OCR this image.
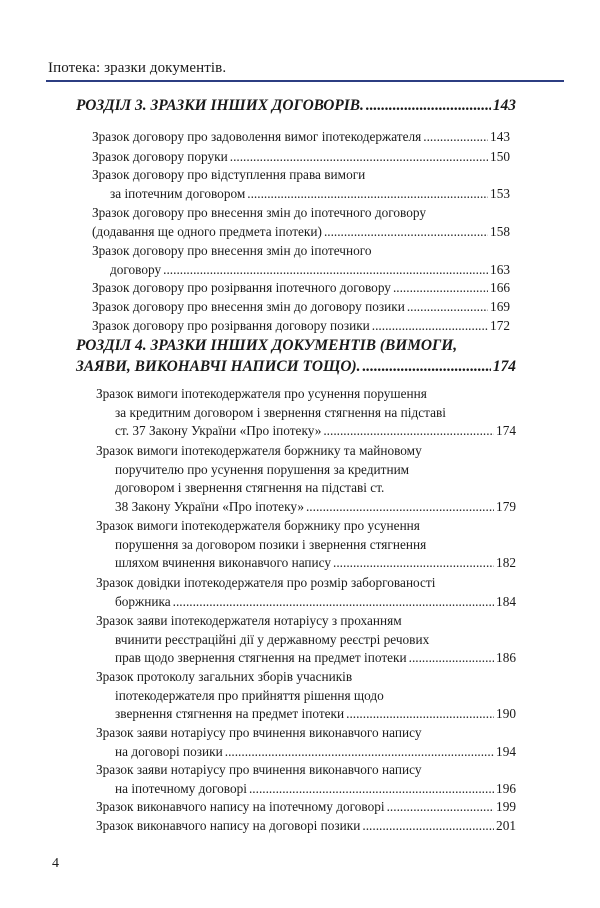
Іпотека: зразки документів.
4
РОЗДІЛ 3. ЗРАЗКИ ІНШИХ ДОГОВОРІВ. .....	143
РОЗДІЛ 4. ЗРАЗКИ ІНШИХ ДОКУМЕНТІВ (ВИМОГИ,
ЗАЯВИ, ВИКОНАВЧІ НАПИСИ ТОЩО). .....	174
Зразок договору про задоволення вимог іпотекодержателя .....	143
Зразок договору поруки .....	150
Зразок договору про відступлення права вимоги
за іпотечним договором .....	153
Зразок договору про внесення змін до іпотечного договору
(додавання ще одного предмета іпотеки) .....	158
Зразок договору про внесення змін до іпотечного
договору .....	163
Зразок договору про розірвання іпотечного договору .....	166
Зразок договору про внесення змін до договору позики .....	169
Зразок договору про розірвання договору позики .....	172
Зразок вимоги іпотекодержателя про усунення порушення
за кредитним договором і звернення стягнення на підставі
ст. 37 Закону України «Про іпотеку» .....	174
Зразок вимоги іпотекодержателя боржнику та майновому
поручителю про усунення порушення за кредитним
договором і звернення стягнення на підставі ст.
38 Закону України «Про іпотеку» .....	179
Зразок вимоги іпотекодержателя боржнику про усунення
порушення за договором позики і звернення стягнення
шляхом вчинення виконавчого напису .....	182
Зразок довідки іпотекодержателя про розмір заборгованості
боржника .....	184
Зразок заяви іпотекодержателя нотаріусу з проханням
вчинити реєстраційні дії у державному реєстрі речових
прав щодо звернення стягнення на предмет іпотеки .....	186
Зразок протоколу загальних зборів учасників
іпотекодержателя про прийняття рішення щодо
звернення стягнення на предмет іпотеки .....	190
Зразок заяви нотаріусу про вчинення виконавчого напису
на договорі позики .....	194
Зразок заяви нотаріусу про вчинення виконавчого напису
на іпотечному договорі .....	196
Зразок виконавчого напису на іпотечному договорі .....	199
Зразок виконавчого напису на договорі позики .....	201
